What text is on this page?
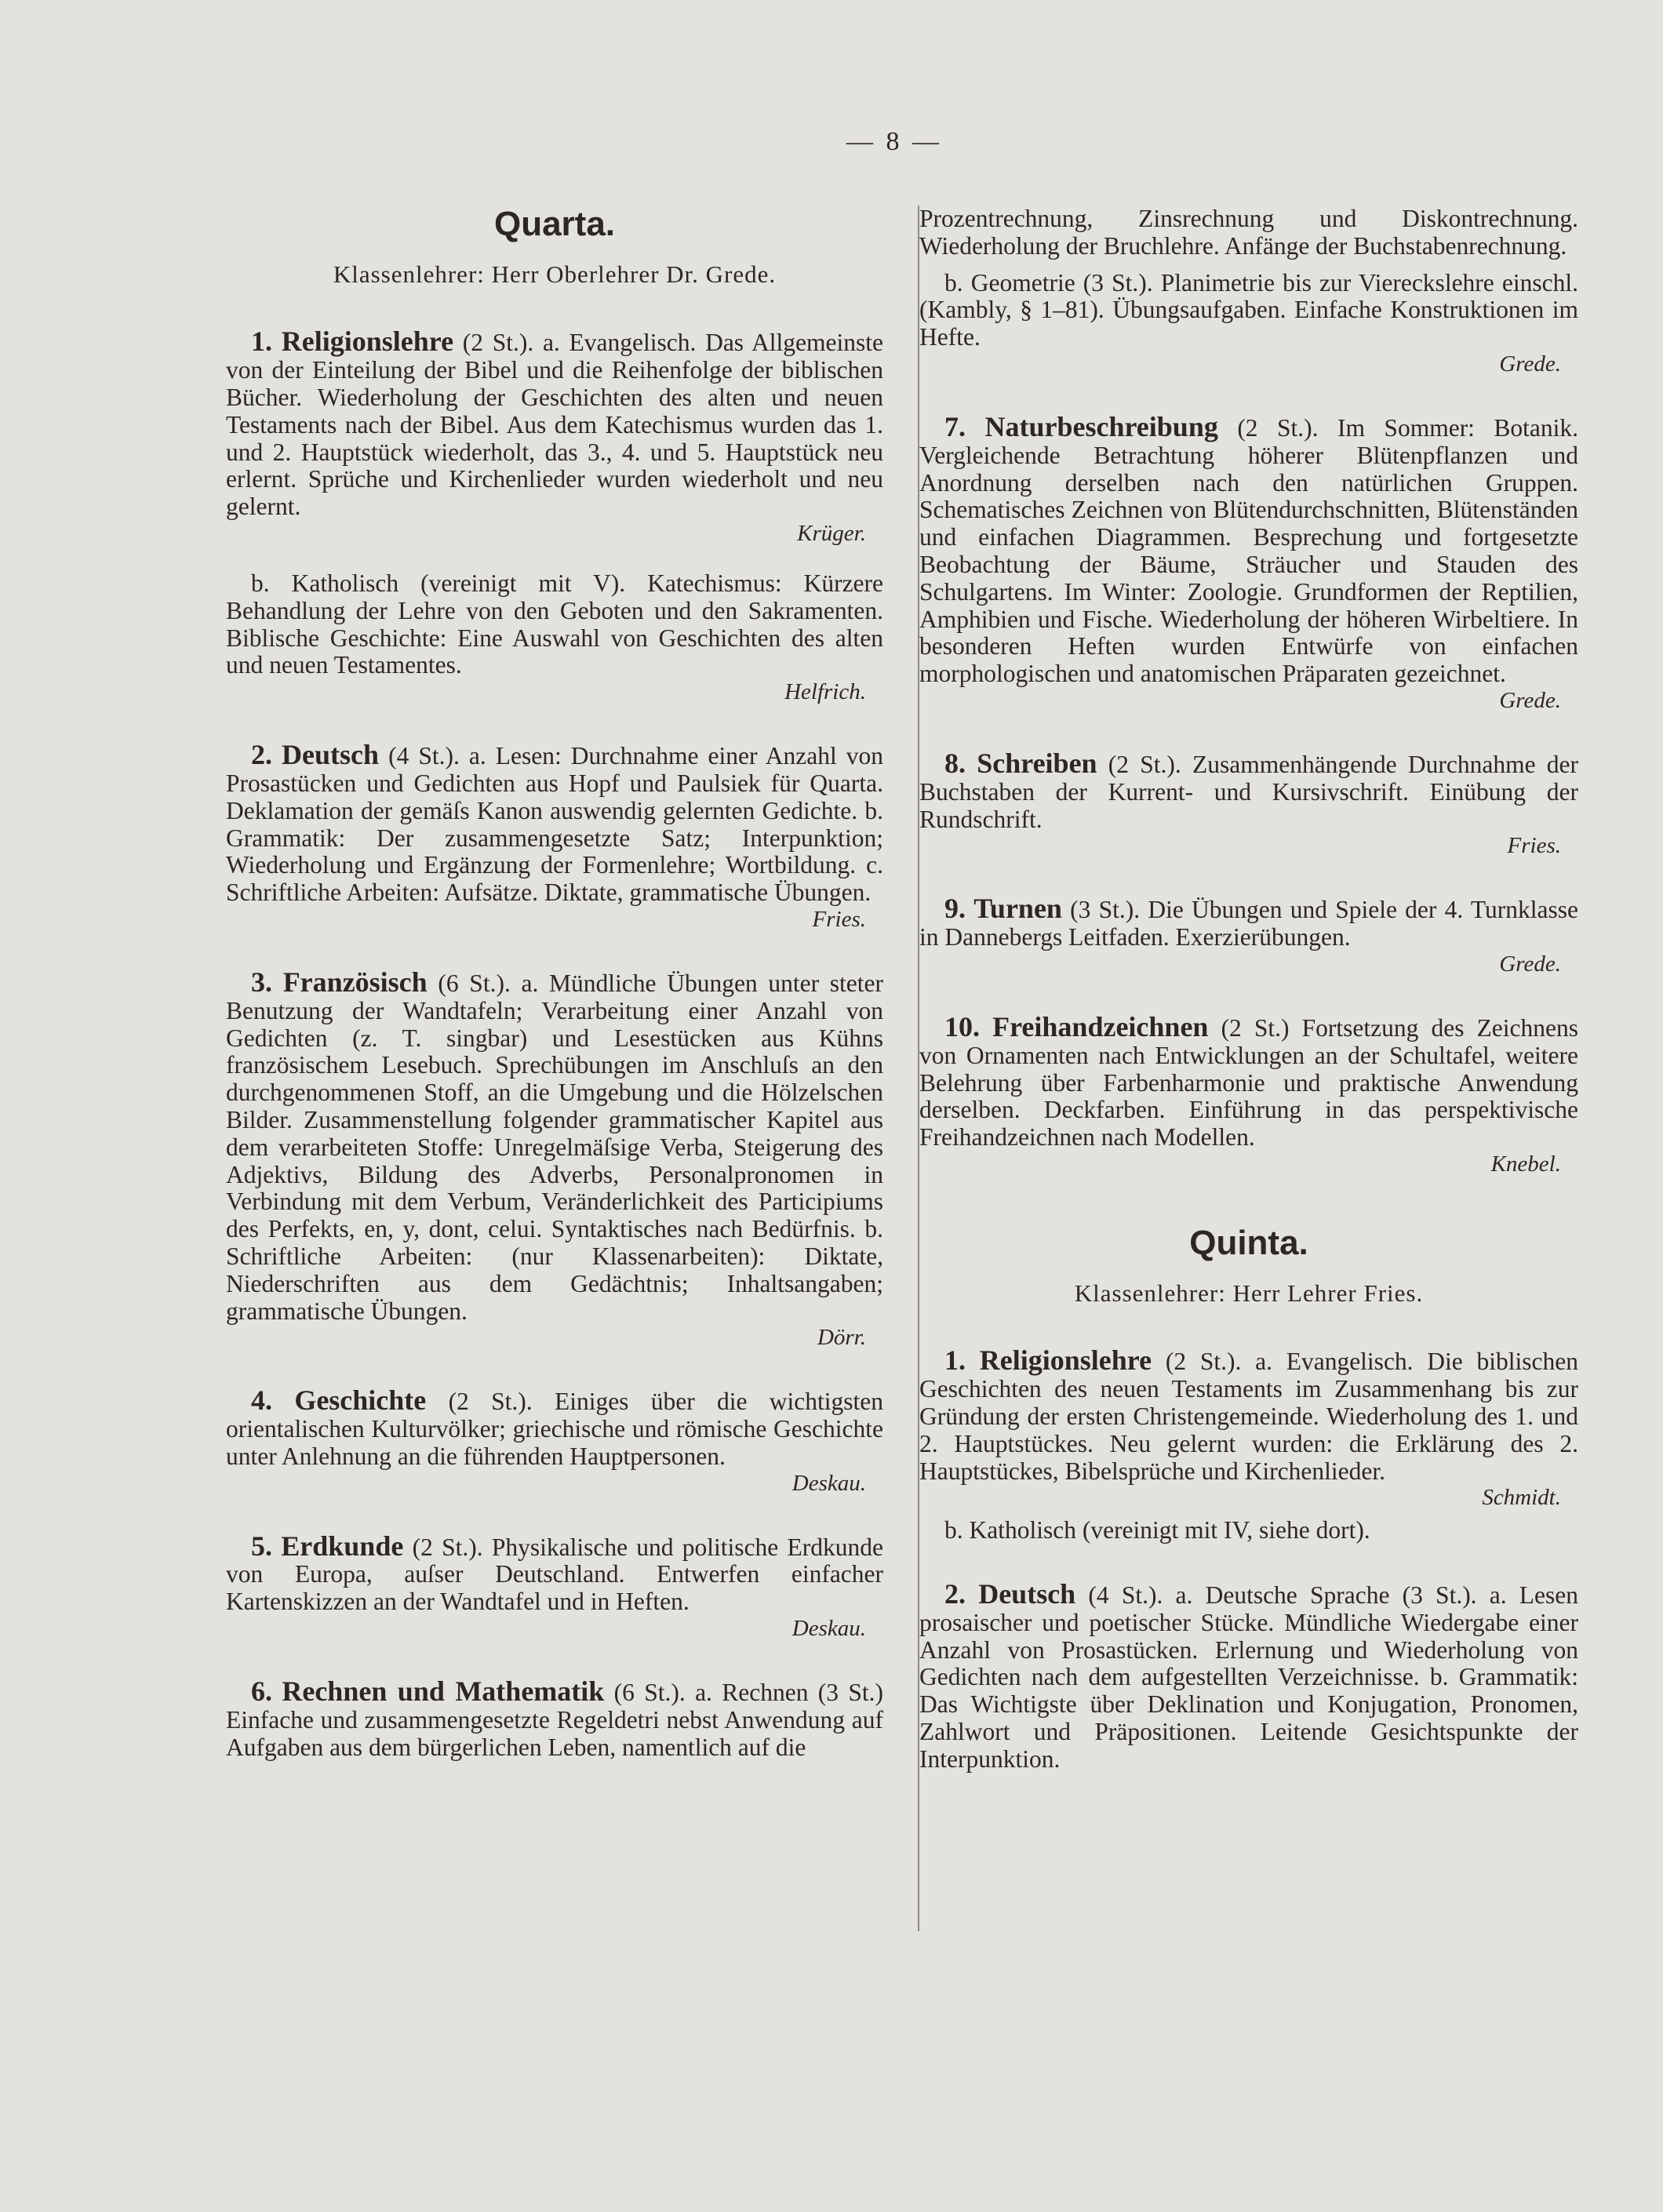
— 8 —
Quarta.
Klassenlehrer: Herr Oberlehrer Dr. Grede.

1. Religionslehre (2 St.). a. Evangelisch. Das Allgemeinste von der Einteilung der Bibel und die Reihenfolge der biblischen Bücher. Wiederholung der Geschichten des alten und neuen Testaments nach der Bibel. Aus dem Katechismus wurden das 1. und 2. Hauptstück wiederholt, das 3., 4. und 5. Hauptstück neu erlernt. Sprüche und Kirchenlieder wurden wiederholt und neu gelernt.

Krüger.

b. Katholisch (vereinigt mit V). Katechismus: Kürzere Behandlung der Lehre von den Geboten und den Sakramenten. Biblische Geschichte: Eine Auswahl von Geschichten des alten und neuen Testamentes.

Helfrich.

2. Deutsch (4 St.). a. Lesen: Durchnahme einer Anzahl von Prosastücken und Gedichten aus Hopf und Paulsiek für Quarta. Deklamation der gemäſs Kanon auswendig gelernten Gedichte. b. Grammatik: Der zusammengesetzte Satz; Interpunktion; Wiederholung und Ergänzung der Formenlehre; Wortbildung. c. Schriftliche Arbeiten: Aufsätze. Diktate, grammatische Übungen.

Fries.

3. Französisch (6 St.). a. Mündliche Übungen unter steter Benutzung der Wandtafeln; Verarbeitung einer Anzahl von Gedichten (z. T. singbar) und Lesestücken aus Kühns französischem Lesebuch. Sprechübungen im Anschluſs an den durchgenommenen Stoff, an die Umgebung und die Hölzelschen Bilder. Zusammenstellung folgender grammatischer Kapitel aus dem verarbeiteten Stoffe: Unregelmäſsige Verba, Steigerung des Adjektivs, Bildung des Adverbs, Personalpronomen in Verbindung mit dem Verbum, Veränderlichkeit des Participiums des Perfekts, en, y, dont, celui. Syntaktisches nach Bedürfnis. b. Schriftliche Arbeiten: (nur Klassenarbeiten): Diktate, Niederschriften aus dem Gedächtnis; Inhaltsangaben; grammatische Übungen.

Dörr.

4. Geschichte (2 St.). Einiges über die wichtigsten orientalischen Kulturvölker; griechische und römische Geschichte unter Anlehnung an die führenden Hauptpersonen.

Deskau.

5. Erdkunde (2 St.). Physikalische und politische Erdkunde von Europa, auſser Deutschland. Entwerfen einfacher Kartenskizzen an der Wandtafel und in Heften.

Deskau.

6. Rechnen und Mathematik (6 St.). a. Rechnen (3 St.) Einfache und zusammengesetzte Regeldetri nebst Anwendung auf Aufgaben aus dem bürgerlichen Leben, namentlich auf die

Prozentrechnung, Zinsrechnung und Diskontrechnung. Wiederholung der Bruchlehre. Anfänge der Buchstabenrechnung.

b. Geometrie (3 St.). Planimetrie bis zur Viereckslehre einschl. (Kambly, § 1–81). Übungsaufgaben. Einfache Konstruktionen im Hefte.

Grede.

7. Naturbeschreibung (2 St.). Im Sommer: Botanik. Vergleichende Betrachtung höherer Blütenpflanzen und Anordnung derselben nach den natürlichen Gruppen. Schematisches Zeichnen von Blütendurchschnitten, Blütenständen und einfachen Diagrammen. Besprechung und fortgesetzte Beobachtung der Bäume, Sträucher und Stauden des Schulgartens. Im Winter: Zoologie. Grundformen der Reptilien, Amphibien und Fische. Wiederholung der höheren Wirbeltiere. In besonderen Heften wurden Entwürfe von einfachen morphologischen und anatomischen Präparaten gezeichnet.

Grede.

8. Schreiben (2 St.). Zusammenhängende Durchnahme der Buchstaben der Kurrent- und Kursivschrift. Einübung der Rundschrift.

Fries.

9. Turnen (3 St.). Die Übungen und Spiele der 4. Turnklasse in Dannebergs Leitfaden. Exerzierübungen.

Grede.

10. Freihandzeichnen (2 St.) Fortsetzung des Zeichnens von Ornamenten nach Entwicklungen an der Schultafel, weitere Belehrung über Farbenharmonie und praktische Anwendung derselben. Deckfarben. Einführung in das perspektivische Freihandzeichnen nach Modellen.

Knebel.
Quinta.
Klassenlehrer: Herr Lehrer Fries.

1. Religionslehre (2 St.). a. Evangelisch. Die biblischen Geschichten des neuen Testaments im Zusammenhang bis zur Gründung der ersten Christengemeinde. Wiederholung des 1. und 2. Hauptstückes. Neu gelernt wurden: die Erklärung des 2. Hauptstückes, Bibelsprüche und Kirchenlieder.

Schmidt.

b. Katholisch (vereinigt mit IV, siehe dort).

2. Deutsch (4 St.). a. Deutsche Sprache (3 St.). a. Lesen prosaischer und poetischer Stücke. Mündliche Wiedergabe einer Anzahl von Prosastücken. Erlernung und Wiederholung von Gedichten nach dem aufgestellten Verzeichnisse. b. Grammatik: Das Wichtigste über Deklination und Konjugation, Pronomen, Zahlwort und Präpositionen. Leitende Gesichtspunkte der Interpunktion.
